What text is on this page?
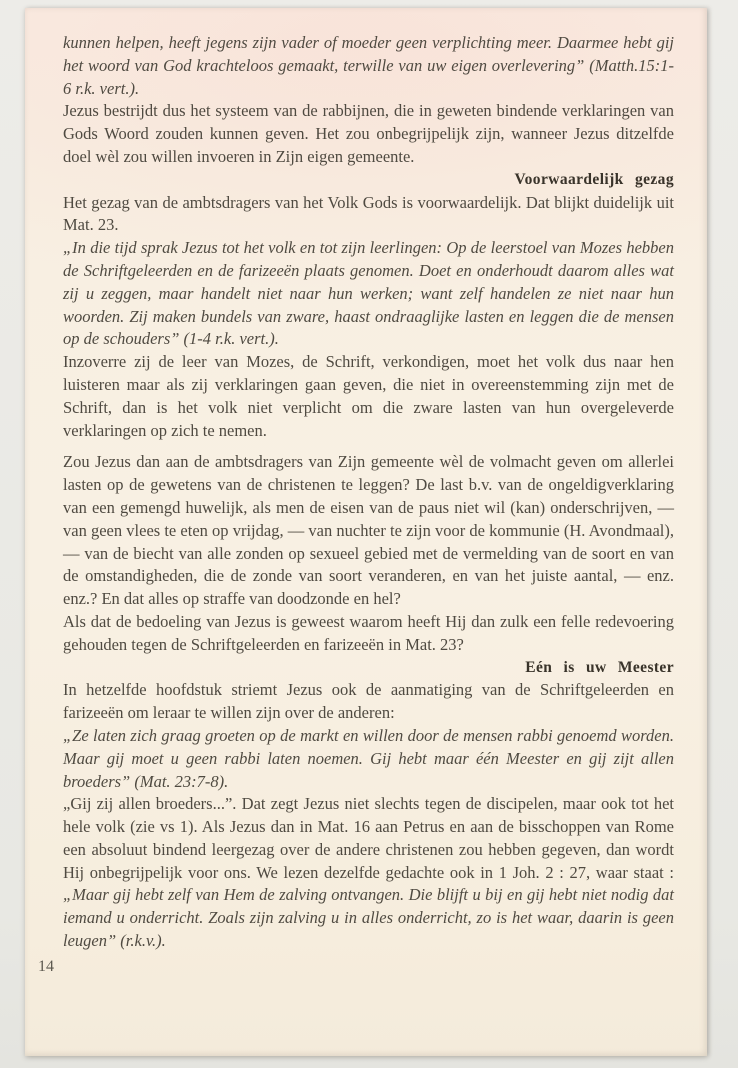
kunnen helpen, heeft jegens zijn vader of moeder geen verplichting meer. Daarmee hebt gij het woord van God krachteloos gemaakt, terwille van uw eigen overlevering” (Matth.15:1-6 r.k. vert.).

Jezus bestrijdt dus het systeem van de rabbijnen, die in geweten bindende verklaringen van Gods Woord zouden kunnen geven. Het zou onbegrijpelijk zijn, wanneer Jezus ditzelfde doel wèl zou willen invoeren in Zijn eigen gemeente.

Voorwaardelijk gezag

Het gezag van de ambtsdragers van het Volk Gods is voorwaardelijk. Dat blijkt duidelijk uit Mat. 23.

„In die tijd sprak Jezus tot het volk en tot zijn leerlingen: Op de leerstoel van Mozes hebben de Schriftgeleerden en de farizeeën plaats genomen. Doet en onderhoudt daarom alles wat zij u zeggen, maar handelt niet naar hun werken; want zelf handelen ze niet naar hun woorden. Zij maken bundels van zware, haast ondraaglijke lasten en leggen die de mensen op de schouders” (1-4 r.k. vert.).

Inzoverre zij de leer van Mozes, de Schrift, verkondigen, moet het volk dus naar hen luisteren maar als zij verklaringen gaan geven, die niet in overeenstemming zijn met de Schrift, dan is het volk niet verplicht om die zware lasten van hun overgeleverde verklaringen op zich te nemen.

Zou Jezus dan aan de ambtsdragers van Zijn gemeente wèl de volmacht geven om allerlei lasten op de gewetens van de christenen te leggen? De last b.v. van de ongeldigverklaring van een gemengd huwelijk, als men de eisen van de paus niet wil (kan) onderschrijven, — van geen vlees te eten op vrijdag, — van nuchter te zijn voor de kommunie (H. Avondmaal), — van de biecht van alle zonden op sexueel gebied met de vermelding van de soort en van de omstandigheden, die de zonde van soort veranderen, en van het juiste aantal, — enz. enz.? En dat alles op straffe van doodzonde en hel?

Als dat de bedoeling van Jezus is geweest waarom heeft Hij dan zulk een felle redevoering gehouden tegen de Schriftgeleerden en farizeeën in Mat. 23?

Eén is uw Meester

In hetzelfde hoofdstuk striemt Jezus ook de aanmatiging van de Schriftgeleerden en farizeeën om leraar te willen zijn over de anderen:

„Ze laten zich graag groeten op de markt en willen door de mensen rabbi genoemd worden. Maar gij moet u geen rabbi laten noemen. Gij hebt maar één Meester en gij zijt allen broeders” (Mat. 23:7-8).

„Gij zij allen broeders...”. Dat zegt Jezus niet slechts tegen de discipelen, maar ook tot het hele volk (zie vs 1). Als Jezus dan in Mat. 16 aan Petrus en aan de bisschoppen van Rome een absoluut bindend leergezag over de andere christenen zou hebben gegeven, dan wordt Hij onbegrijpelijk voor ons. We lezen dezelfde gedachte ook in 1 Joh. 2 : 27, waar staat : „Maar gij hebt zelf van Hem de zalving ontvangen. Die blijft u bij en gij hebt niet nodig dat iemand u onderricht. Zoals zijn zalving u in alles onderricht, zo is het waar, daarin is geen leugen” (r.k.v.).

14
